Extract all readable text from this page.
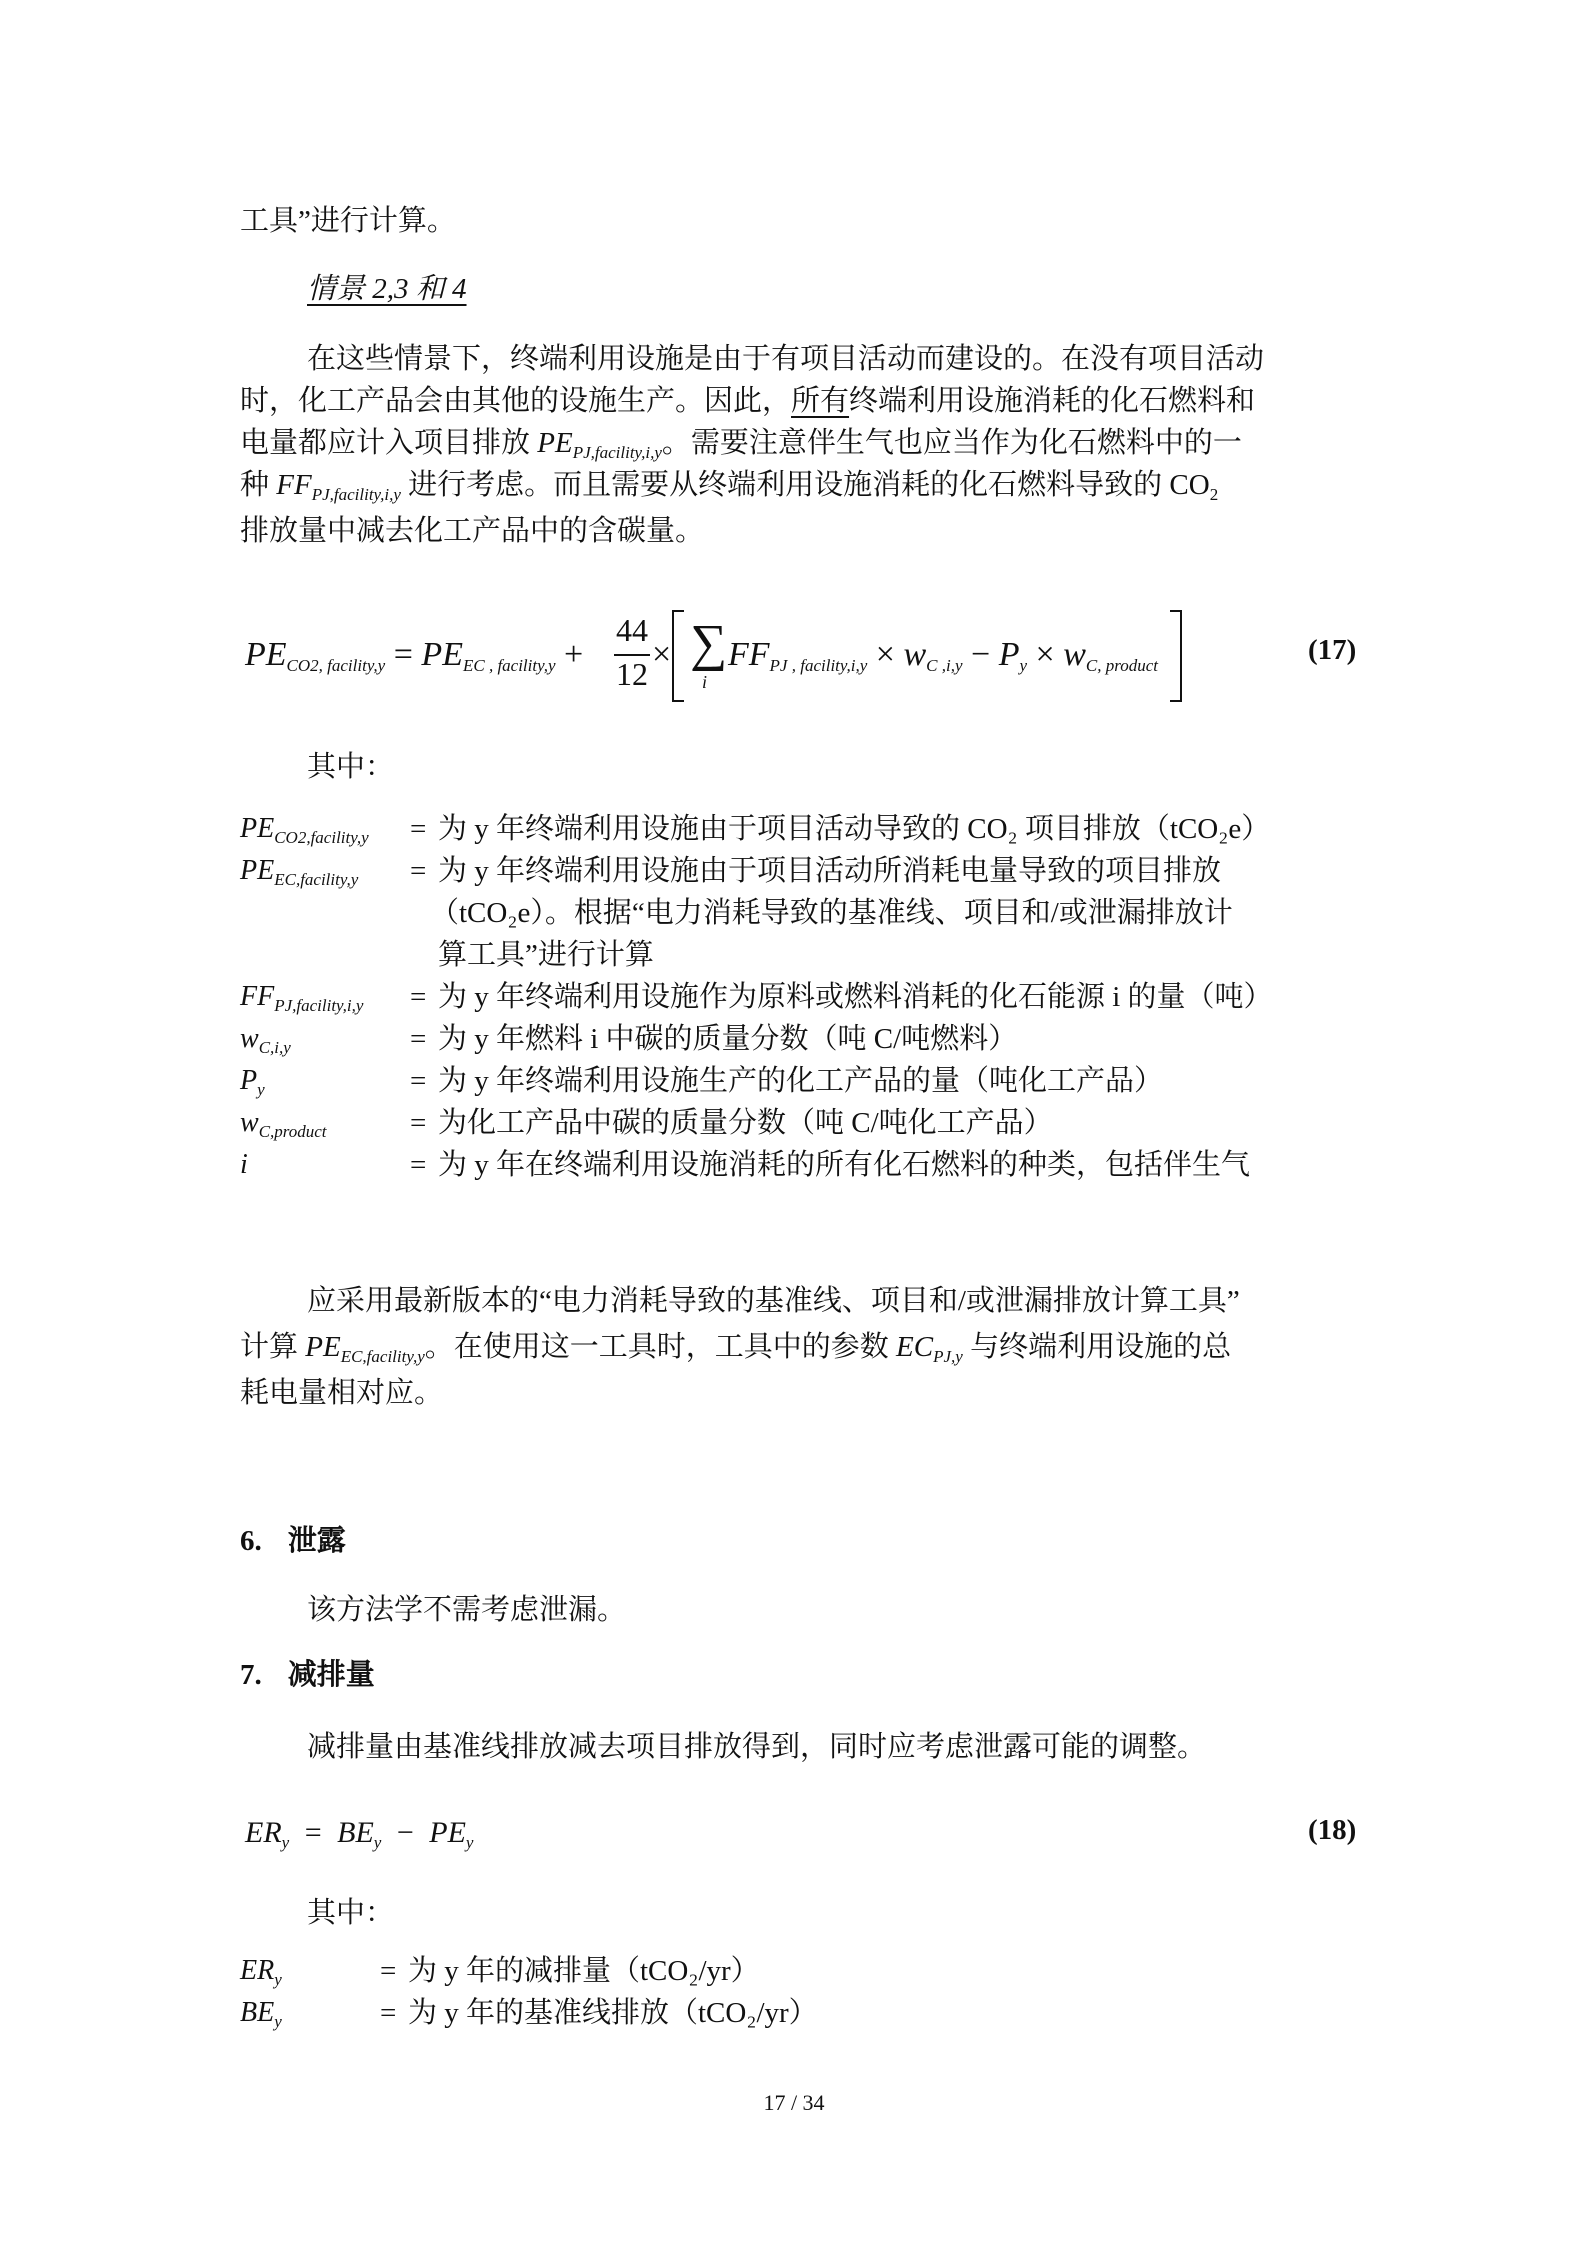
工具”进行计算。
情景 2,3 和 4
在这些情景下，终端利用设施是由于有项目活动而建设的。在没有项目活动
时，化工产品会由其他的设施生产。因此，所有终端利用设施消耗的化石燃料和
电量都应计入项目排放 $PE_{PJ,facility,i,y}$。需要注意伴生气也应当作为化石燃料中的一
种 $FF_{PJ,facility,i,y}$ 进行考虑。而且需要从终端利用设施消耗的化石燃料导致的 $CO_2$
排放量中减去化工产品中的含碳量。
$PE_{CO2, facility,y} = PE_{EC , facility,y}$ +
44
12
× ∑
i
$FF_{PJ , facility,i,y} \times w_{C ,i,y} - P_y \times w_{C, product}$	(17)
其中：
$PE_{CO2,facility,y}$ = 为 y 年终端利用设施由于项目活动导致的 CO₂ 项目排放（tCO₂e）
$PE_{EC,facility,y}$ = 为 y 年终端利用设施由于项目活动所消耗电量导致的项目排放
（tCO₂e）。根据“电力消耗导致的基准线、项目和/或泄漏排放计
算工具”进行计算
$FF_{PJ,facility,i,y}$ = 为 y 年终端利用设施作为原料或燃料消耗的化石能源 i 的量（吨）
$w_{C,i,y}$	= 为 y 年燃料 i 中碳的质量分数（吨 C/吨燃料）
$P_y$	= 为 y 年终端利用设施生产的化工产品的量（吨化工产品）
$w_{C,product}$	= 为化工产品中碳的质量分数（吨 C/吨化工产品）
i	= 为 y 年在终端利用设施消耗的所有化石燃料的种类，包括伴生气
应采用最新版本的“电力消耗导致的基准线、项目和/或泄漏排放计算工具”
计算 $PE_{EC,facility,y}$。在使用这一工具时，工具中的参数 $EC_{PJ,y}$ 与终端利用设施的总
耗电量相对应。
6. 泄露
该方法学不需考虑泄漏。
7. 减排量
减排量由基准线排放减去项目排放得到，同时应考虑泄露可能的调整。
$ER_y = BE_y - PE_y$	(18)
其中：
$ER_y$	= 为 y 年的减排量（tCO₂/yr）
$BE_y$	= 为 y 年的基准线排放（tCO₂/yr）
17 / 34
